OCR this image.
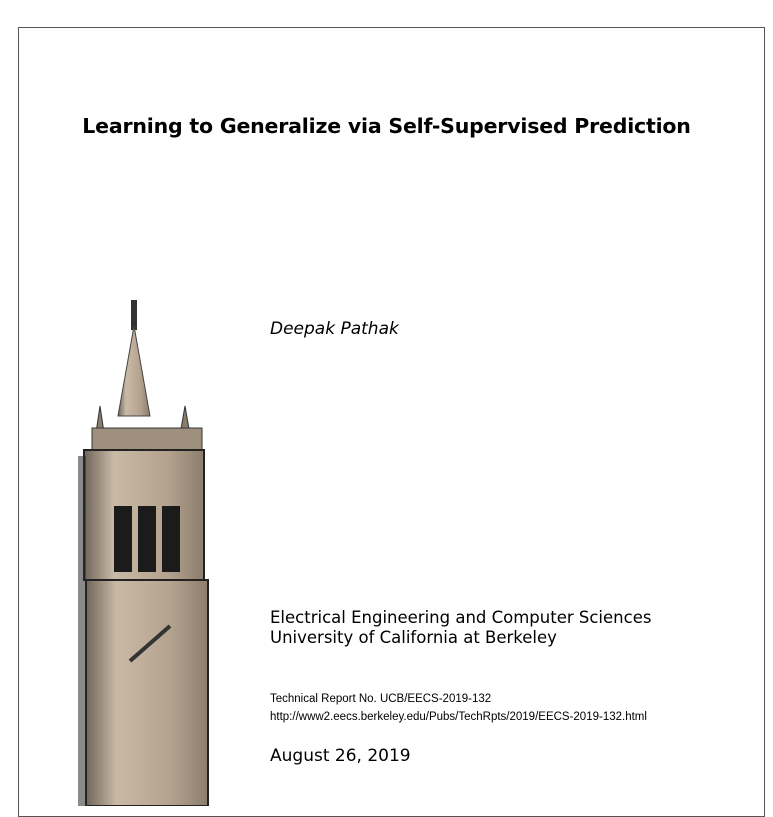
Learning to Generalize via Self-Supervised Prediction
Deepak Pathak
Electrical Engineering and Computer Sciences
University of California at Berkeley
Technical Report No. UCB/EECS-2019-132
http://www2.eecs.berkeley.edu/Pubs/TechRpts/2019/EECS-2019-132.html
August 26, 2019
